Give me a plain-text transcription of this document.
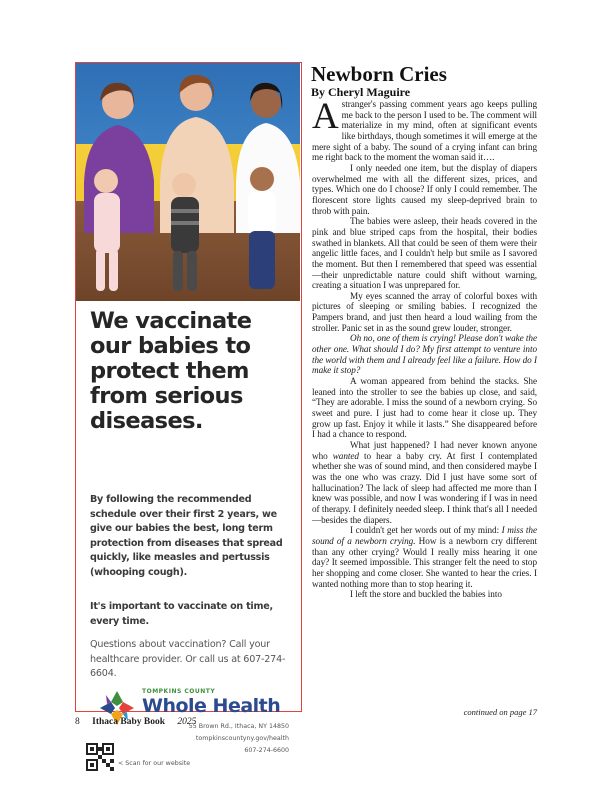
We vaccinate our babies to protect them from serious diseases.
By following the recommended schedule over their first 2 years, we give our babies the best, long term protection from diseases that spread quickly, like measles and pertussis (whooping cough).
It's important to vaccinate on time, every time.
Questions about vaccination? Call your healthcare provider. Or call us at 607-274-6604.
TOMPKINS COUNTY
Whole Health
55 Brown Rd., Ithaca, NY 14850
tompkinscountyny.gov/health
607-274-6600
< Scan for our website
Newborn Cries
By Cheryl Maguire

Astranger's passing comment years ago keeps pulling me back to the person I used to be. The comment will materialize in my mind, often at significant events like birthdays, though sometimes it will emerge at the mere sight of a baby. The sound of a crying infant can bring me right back to the moment the woman said it….

I only needed one item, but the display of diapers overwhelmed me with all the different sizes, prices, and types. Which one do I choose? If only I could remember. The florescent store lights caused my sleep-deprived brain to throb with pain.

The babies were asleep, their heads covered in the pink and blue striped caps from the hospital, their bodies swathed in blankets. All that could be seen of them were their angelic little faces, and I couldn't help but smile as I savored the moment. But then I remembered that speed was essential—their unpredictable nature could shift without warning, creating a situation I was unprepared for.

My eyes scanned the array of colorful boxes with pictures of sleeping or smiling babies. I recognized the Pampers brand, and just then heard a loud wailing from the stroller. Panic set in as the sound grew louder, stronger.

Oh no, one of them is crying! Please don't wake the other one. What should I do? My first attempt to venture into the world with them and I already feel like a failure. How do I make it stop?

A woman appeared from behind the stacks. She leaned into the stroller to see the babies up close, and said, “They are adorable. I miss the sound of a newborn crying. So sweet and pure. I just had to come hear it close up. They grow up fast. Enjoy it while it lasts.” She disappeared before I had a chance to respond.

What just happened? I had never known anyone who wanted to hear a baby cry. At first I contemplated whether she was of sound mind, and then considered maybe I was the one who was crazy. Did I just have some sort of hallucination? The lack of sleep had affected me more than I knew was possible, and now I was wondering if I was in need of therapy. I definitely needed sleep. I think that's all I needed—besides the diapers.

I couldn't get her words out of my mind: I miss the sound of a newborn crying. How is a newborn cry different than any other crying? Would I really miss hearing it one day? It seemed impossible. This stranger felt the need to stop her shopping and come closer. She wanted to hear the cries. I wanted nothing more than to stop hearing it.

I left the store and buckled the babies into

continued on page 17
8 Ithaca Baby Book 2025
